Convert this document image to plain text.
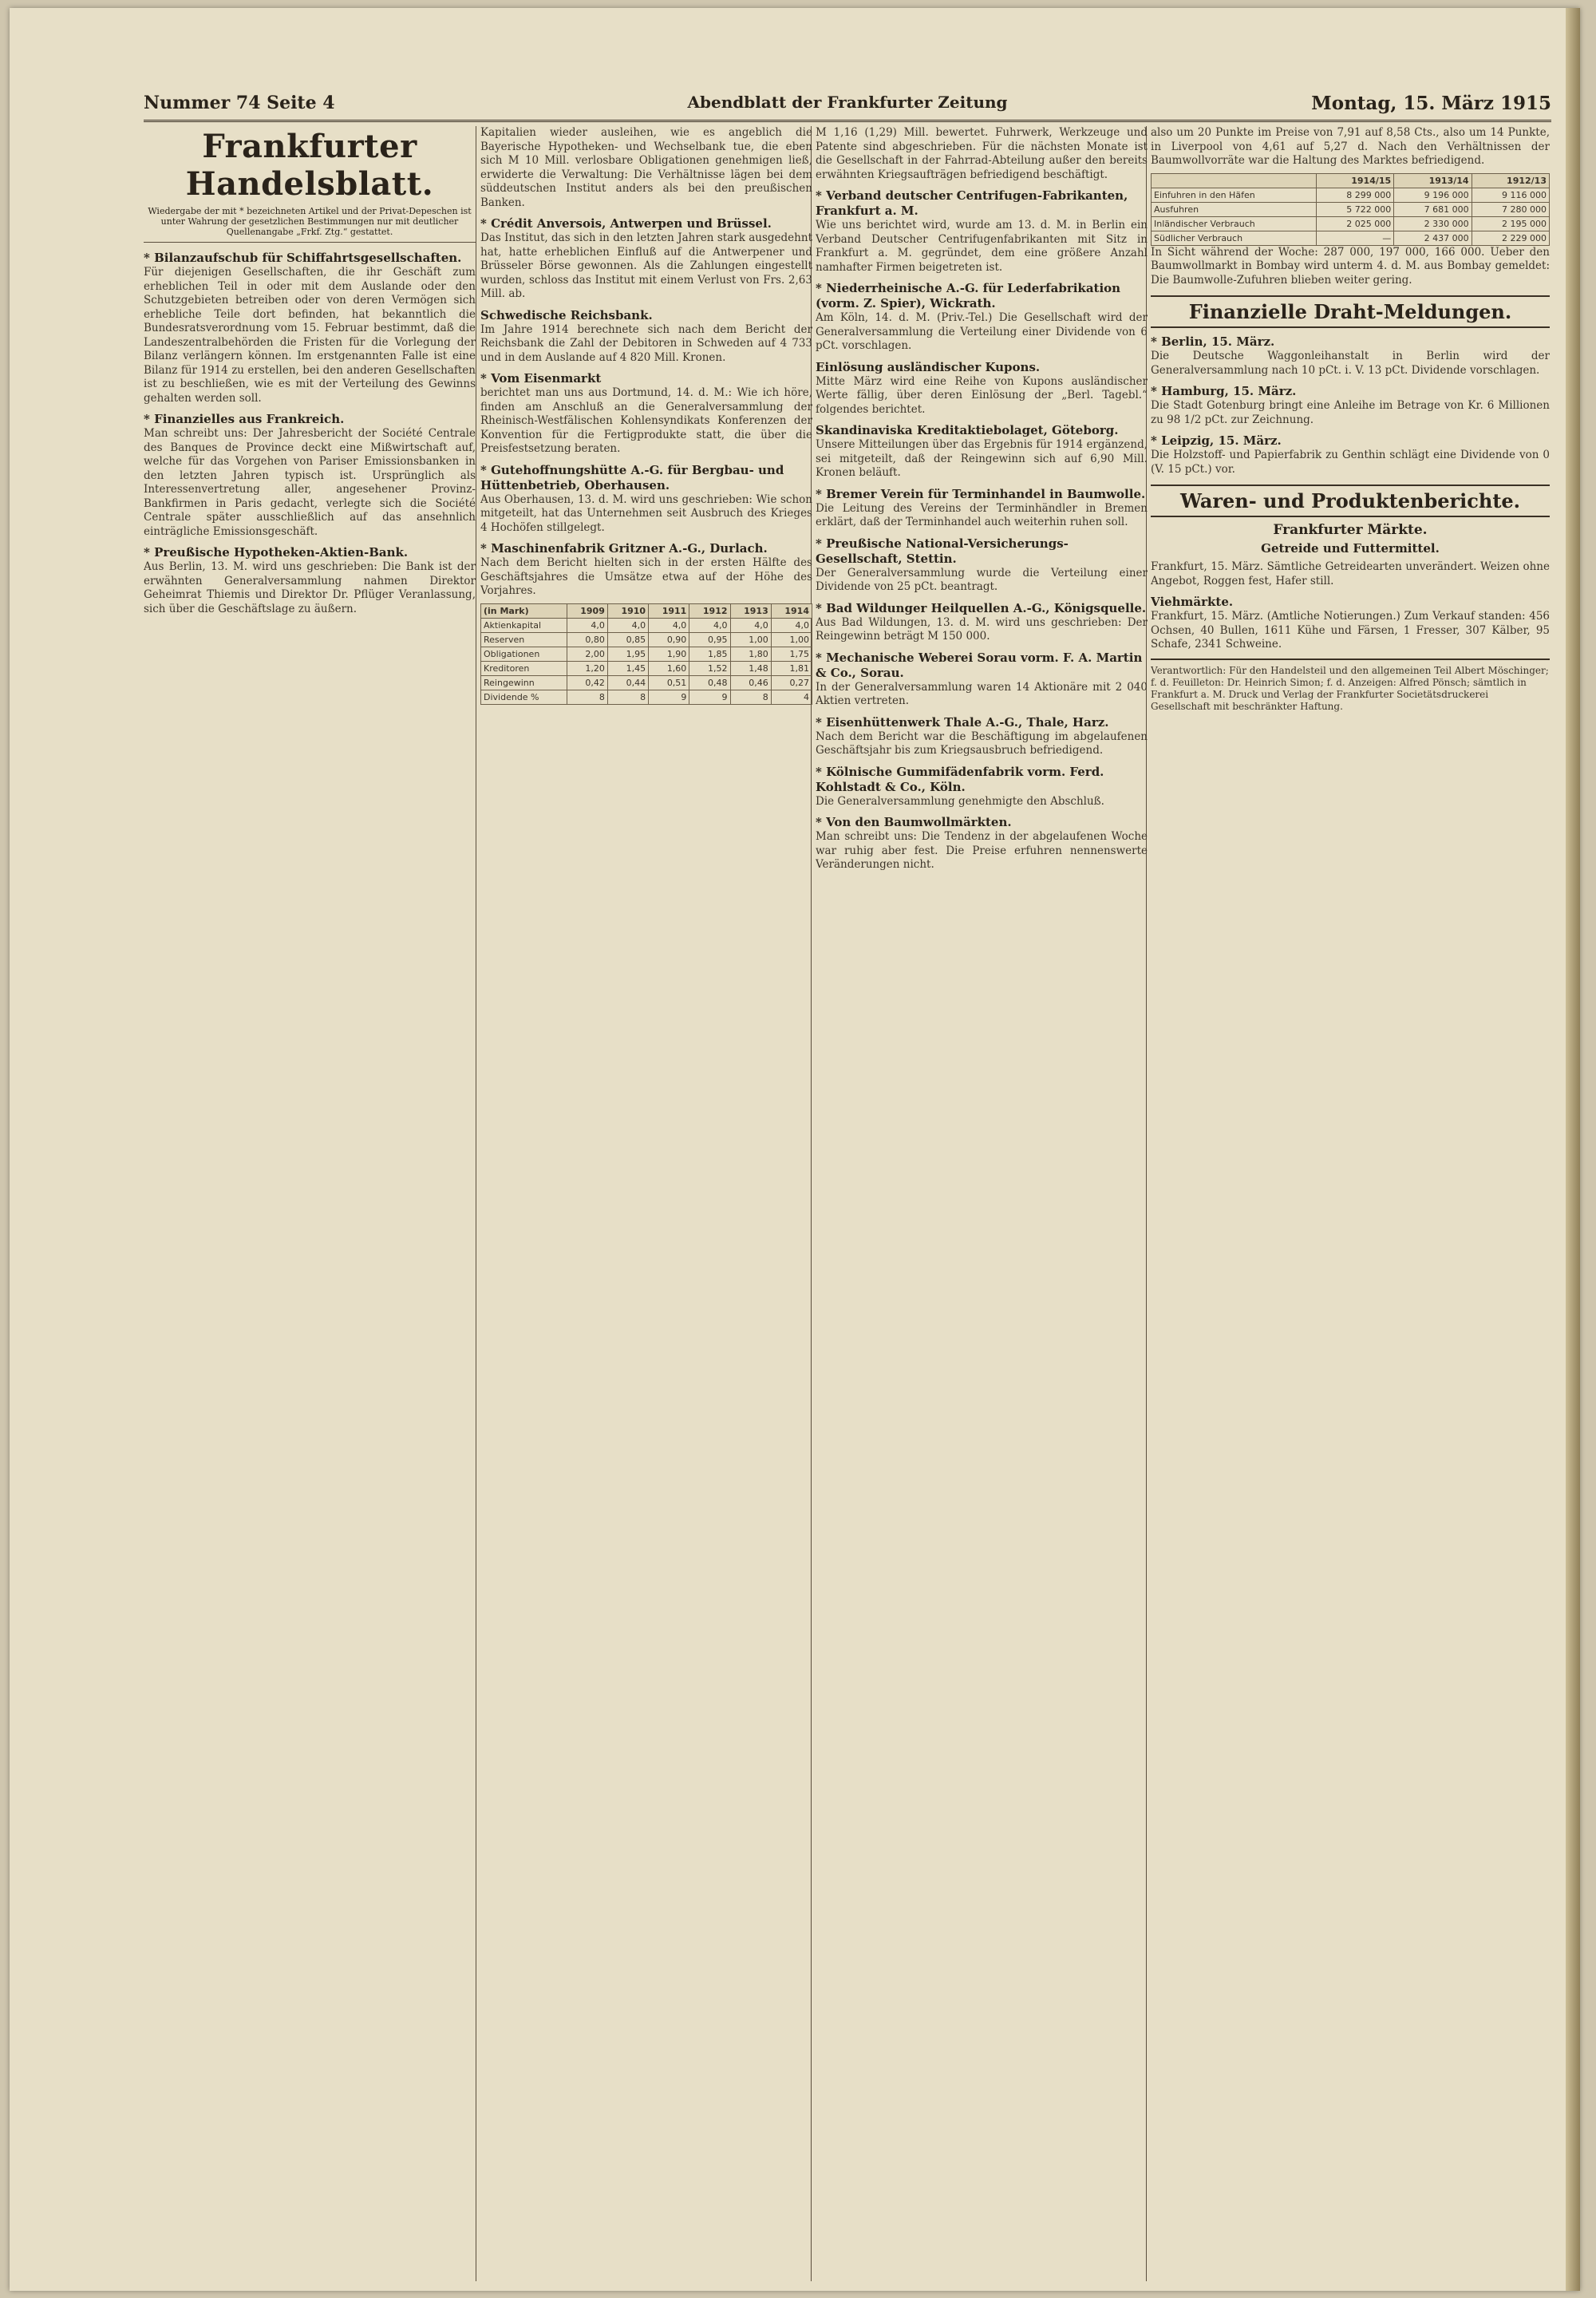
Nummer 74 Seite 4	Abendblatt der Frankfurter Zeitung	Montag, 15. März 1915
Frankfurter Handelsblatt.
Wiedergabe der mit * bezeichneten Artikel und der Privat-Depeschen ist unter Wahrung der gesetzlichen Bestimmungen nur mit deutlicher Quellenangabe „Frkf. Ztg.“ gestattet.
* Bilanzaufschub für Schiffahrtsgesellschaften.

Für diejenigen Gesellschaften, die ihr Geschäft zum erheblichen Teil in oder mit dem Auslande oder den Schutzgebieten betreiben oder von deren Vermögen sich erhebliche Teile dort befinden, hat bekanntlich die Bundesratsverordnung vom 15. Februar bestimmt, daß die Landeszentralbehörden die Fristen für die Vorlegung der Bilanz verlängern können. Im erstgenannten Falle ist eine Bilanz für 1914 zu erstellen, bei den anderen Gesellschaften ist zu beschließen, wie es mit der Verteilung des Gewinns gehalten werden soll.

* Finanzielles aus Frankreich.

Man schreibt uns: Der Jahresbericht der Société Centrale des Banques de Province deckt eine Mißwirtschaft auf, welche für das Vorgehen von Pariser Emissionsbanken in den letzten Jahren typisch ist. Ursprünglich als Interessenvertretung aller, angesehener Provinz-Bankfirmen in Paris gedacht, verlegte sich die Société Centrale später ausschließlich auf das ansehnlich einträgliche Emissionsgeschäft.

* Preußische Hypotheken-Aktien-Bank.

Aus Berlin, 13. M. wird uns geschrieben: Die Bank ist der erwähnten Generalversammlung nahmen Direktor Geheimrat Thiemis und Direktor Dr. Pflüger Veranlassung, sich über die Geschäftslage zu äußern.

Kapitalien wieder ausleihen, wie es angeblich die Bayerische Hypotheken- und Wechselbank tue, die eben sich M 10 Mill. verlosbare Obligationen genehmigen ließ, erwiderte die Verwaltung: Die Verhältnisse lägen bei dem süddeutschen Institut anders als bei den preußischen Banken.

* Crédit Anversois, Antwerpen und Brüssel.

Das Institut, das sich in den letzten Jahren stark ausgedehnt hat, hatte erheblichen Einfluß auf die Antwerpener und Brüsseler Börse gewonnen. Als die Zahlungen eingestellt wurden, schloss das Institut mit einem Verlust von Frs. 2,63 Mill. ab.

Schwedische Reichsbank.

Im Jahre 1914 berechnete sich nach dem Bericht der Reichsbank die Zahl der Debitoren in Schweden auf 4 733 und in dem Auslande auf 4 820 Mill. Kronen.

* Vom Eisenmarkt

berichtet man uns aus Dortmund, 14. d. M.: Wie ich höre, finden am Anschluß an die Generalversammlung der Rheinisch-Westfälischen Kohlensyndikats Konferenzen der Konvention für die Fertigprodukte statt, die über die Preisfestsetzung beraten.

* Gutehoffnungshütte A.-G. für Bergbau- und Hüttenbetrieb, Oberhausen.

Aus Oberhausen, 13. d. M. wird uns geschrieben: Wie schon mitgeteilt, hat das Unternehmen seit Ausbruch des Krieges 4 Hochöfen stillgelegt.

* Maschinenfabrik Gritzner A.-G., Durlach.

Nach dem Bericht hielten sich in der ersten Hälfte des Geschäftsjahres die Umsätze etwa auf der Höhe des Vorjahres.

(in Mark)	1909	1910	1911	1912	1913	1914
Aktienkapital	4,0	4,0	4,0	4,0	4,0	4,0
Reserven	0,80	0,85	0,90	0,95	1,00	1,00
Obligationen	2,00	1,95	1,90	1,85	1,80	1,75
Kreditoren	1,20	1,45	1,60	1,52	1,48	1,81
Reingewinn	0,42	0,44	0,51	0,48	0,46	0,27
Dividende %	8	8	9	9	8	4

M 1,16 (1,29) Mill. bewertet. Fuhrwerk, Werkzeuge und Patente sind abgeschrieben. Für die nächsten Monate ist die Gesellschaft in der Fahrrad-Abteilung außer den bereits erwähnten Kriegsaufträgen befriedigend beschäftigt.

* Verband deutscher Centrifugen-Fabrikanten, Frankfurt a. M.

Wie uns berichtet wird, wurde am 13. d. M. in Berlin ein Verband Deutscher Centrifugenfabrikanten mit Sitz in Frankfurt a. M. gegründet, dem eine größere Anzahl namhafter Firmen beigetreten ist.

* Niederrheinische A.-G. für Lederfabrikation (vorm. Z. Spier), Wickrath.

Am Köln, 14. d. M. (Priv.-Tel.) Die Gesellschaft wird der Generalversammlung die Verteilung einer Dividende von 6 pCt. vorschlagen.

Einlösung ausländischer Kupons.

Mitte März wird eine Reihe von Kupons ausländischer Werte fällig, über deren Einlösung der „Berl. Tagebl.“ folgendes berichtet.

Skandinaviska Kreditaktiebolaget, Göteborg.

Unsere Mitteilungen über das Ergebnis für 1914 ergänzend, sei mitgeteilt, daß der Reingewinn sich auf 6,90 Mill. Kronen beläuft.

* Bremer Verein für Terminhandel in Baumwolle.

Die Leitung des Vereins der Terminhändler in Bremen erklärt, daß der Terminhandel auch weiterhin ruhen soll.

* Preußische National-Versicherungs-Gesellschaft, Stettin.

Der Generalversammlung wurde die Verteilung einer Dividende von 25 pCt. beantragt.

* Bad Wildunger Heilquellen A.-G., Königsquelle.

Aus Bad Wildungen, 13. d. M. wird uns geschrieben: Der Reingewinn beträgt M 150 000.

* Mechanische Weberei Sorau vorm. F. A. Martin & Co., Sorau.

In der Generalversammlung waren 14 Aktionäre mit 2 040 Aktien vertreten.

* Eisenhüttenwerk Thale A.-G., Thale, Harz.

Nach dem Bericht war die Beschäftigung im abgelaufenen Geschäftsjahr bis zum Kriegsausbruch befriedigend.

* Kölnische Gummifädenfabrik vorm. Ferd. Kohlstadt & Co., Köln.

Die Generalversammlung genehmigte den Abschluß.

* Von den Baumwollmärkten.

Man schreibt uns: Die Tendenz in der abgelaufenen Woche war ruhig aber fest. Die Preise erfuhren nennenswerte Veränderungen nicht.

also um 20 Punkte im Preise von 7,91 auf 8,58 Cts., also um 14 Punkte, in Liverpool von 4,61 auf 5,27 d. Nach den Verhältnissen der Baumwollvorräte war die Haltung des Marktes befriedigend.

	1914/15	1913/14	1912/13
Einfuhren in den Häfen	8 299 000	9 196 000	9 116 000
Ausfuhren	5 722 000	7 681 000	7 280 000
Inländischer Verbrauch	2 025 000	2 330 000	2 195 000
Südlicher Verbrauch	—	2 437 000	2 229 000

In Sicht während der Woche: 287 000, 197 000, 166 000. Ueber den Baumwollmarkt in Bombay wird unterm 4. d. M. aus Bombay gemeldet: Die Baumwolle-Zufuhren blieben weiter gering.

Finanzielle Draht-Meldungen.
* Berlin, 15. März.

Die Deutsche Waggonleihanstalt in Berlin wird der Generalversammlung nach 10 pCt. i. V. 13 pCt. Dividende vorschlagen.

* Hamburg, 15. März.

Die Stadt Gotenburg bringt eine Anleihe im Betrage von Kr. 6 Millionen zu 98 1/2 pCt. zur Zeichnung.

* Leipzig, 15. März.

Die Holzstoff- und Papierfabrik zu Genthin schlägt eine Dividende von 0 (V. 15 pCt.) vor.

Waren- und Produktenberichte.
Frankfurter Märkte.
Getreide und Futtermittel.

Frankfurt, 15. März. Sämtliche Getreidearten unverändert. Weizen ohne Angebot, Roggen fest, Hafer still.

Viehmärkte.

Frankfurt, 15. März. (Amtliche Notierungen.) Zum Verkauf standen: 456 Ochsen, 40 Bullen, 1611 Kühe und Färsen, 1 Fresser, 307 Kälber, 95 Schafe, 2341 Schweine.

Verantwortlich: Für den Handelsteil und den allgemeinen Teil Albert Möschinger; f. d. Feuilleton: Dr. Heinrich Simon; f. d. Anzeigen: Alfred Pönsch; sämtlich in Frankfurt a. M. Druck und Verlag der Frankfurter Societätsdruckerei Gesellschaft mit beschränkter Haftung.
